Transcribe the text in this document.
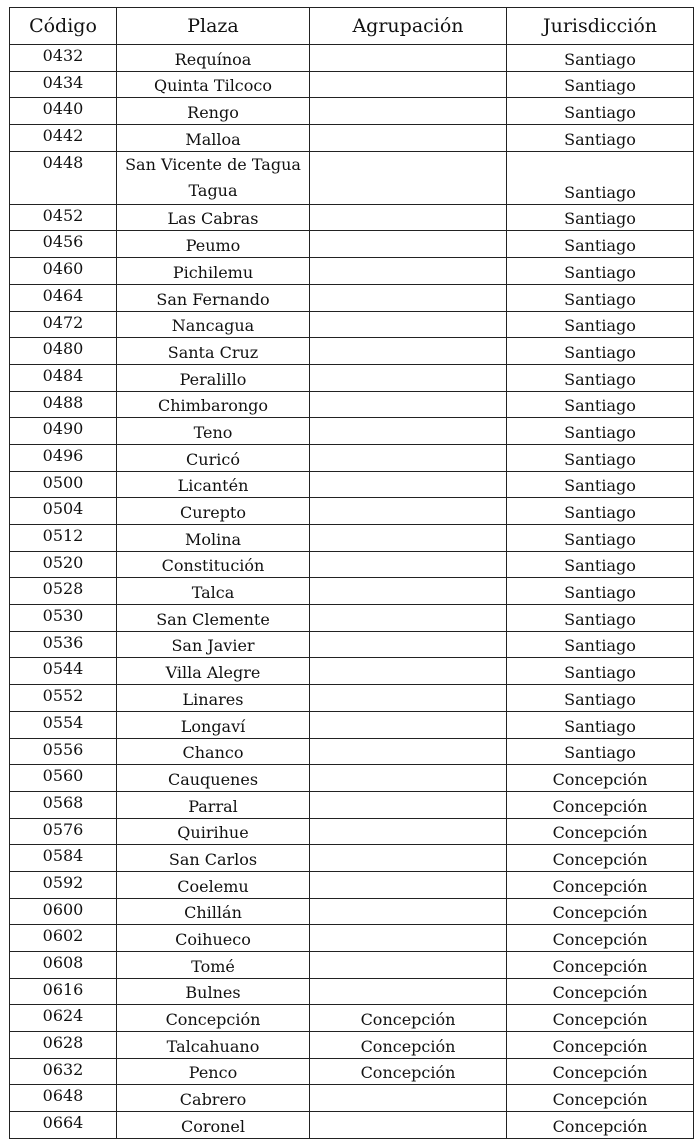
Código	Plaza	Agrupación	Jurisdicción
0432	Requínoa		Santiago
0434	Quinta Tilcoco		Santiago
0440	Rengo		Santiago
0442	Malloa		Santiago
0448	San Vicente de Tagua Tagua		Santiago
0452	Las Cabras		Santiago
0456	Peumo		Santiago
0460	Pichilemu		Santiago
0464	San Fernando		Santiago
0472	Nancagua		Santiago
0480	Santa Cruz		Santiago
0484	Peralillo		Santiago
0488	Chimbarongo		Santiago
0490	Teno		Santiago
0496	Curicó		Santiago
0500	Licantén		Santiago
0504	Curepto		Santiago
0512	Molina		Santiago
0520	Constitución		Santiago
0528	Talca		Santiago
0530	San Clemente		Santiago
0536	San Javier		Santiago
0544	Villa Alegre		Santiago
0552	Linares		Santiago
0554	Longaví		Santiago
0556	Chanco		Santiago
0560	Cauquenes		Concepción
0568	Parral		Concepción
0576	Quirihue		Concepción
0584	San Carlos		Concepción
0592	Coelemu		Concepción
0600	Chillán		Concepción
0602	Coihueco		Concepción
0608	Tomé		Concepción
0616	Bulnes		Concepción
0624	Concepción	Concepción	Concepción
0628	Talcahuano	Concepción	Concepción
0632	Penco	Concepción	Concepción
0648	Cabrero		Concepción
0664	Coronel		Concepción
